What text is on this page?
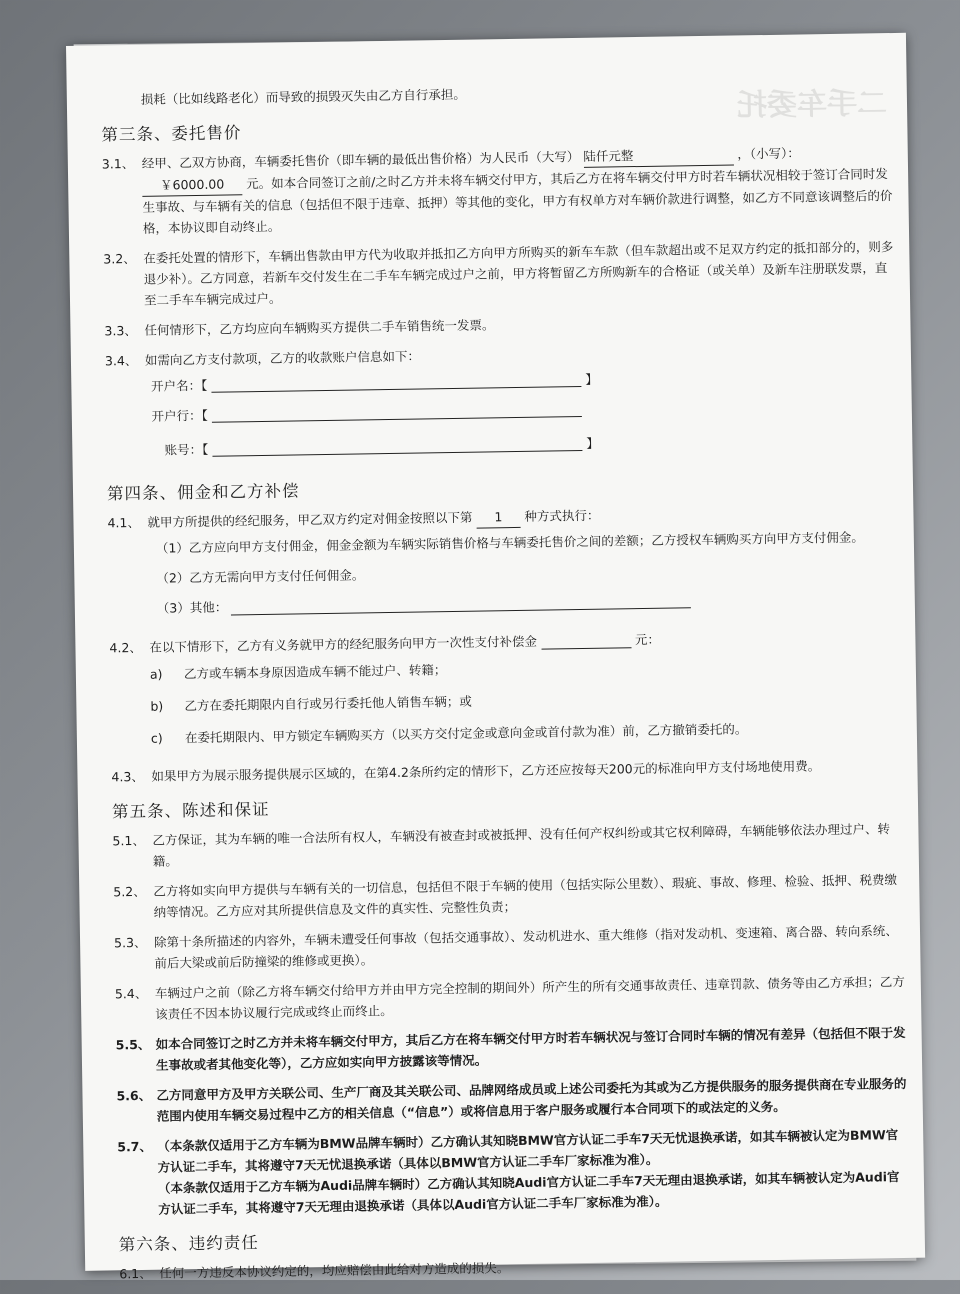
二手车委托
损耗（比如线路老化）而导致的损毁灭失由乙方自行承担。
第三条、委托售价
3.1、 经甲、乙双方协商，车辆委托售价（即车辆的最低出售价格）为人民币（大写） 陆仟元整	，（小写）： ￥6000.00 元。如本合同签订之前/之时乙方并未将车辆交付甲方，其后乙方在将车辆交付甲方时若车辆状况相较于签订合同时发生事故、与车辆有关的信息（包括但不限于违章、抵押）等其他的变化，甲方有权单方对车辆价款进行调整，如乙方不同意该调整后的价格，本协议即自动终止。
3.2、 在委托处置的情形下，车辆出售款由甲方代为收取并抵扣乙方向甲方所购买的新车车款（但车款超出或不足双方约定的抵扣部分的，则多退少补）。乙方同意，若新车交付发生在二手车车辆完成过户之前，甲方将暂留乙方所购新车的合格证（或关单）及新车注册联发票，直至二手车车辆完成过户。
3.3、 任何情形下，乙方均应向车辆购买方提供二手车销售统一发票。
3.4、 如需向乙方支付款项，乙方的收款账户信息如下：
开户名：【	】
开户行：【
账号：【	】
第四条、佣金和乙方补偿
4.1、 就甲方所提供的经纪服务，甲乙双方约定对佣金按照以下第 1 种方式执行：
（1）乙方应向甲方支付佣金，佣金金额为车辆实际销售价格与车辆委托售价之间的差额；乙方授权车辆购买方向甲方支付佣金。
（2）乙方无需向甲方支付任何佣金。
（3）其他：
4.2、 在以下情形下，乙方有义务就甲方的经纪服务向甲方一次性支付补偿金	元：
a)	乙方或车辆本身原因造成车辆不能过户、转籍；
b)	乙方在委托期限内自行或另行委托他人销售车辆；或
c)	在委托期限内、甲方锁定车辆购买方（以买方交付定金或意向金或首付款为准）前，乙方撤销委托的。
4.3、 如果甲方为展示服务提供展示区域的，在第4.2条所约定的情形下，乙方还应按每天200元的标准向甲方支付场地使用费。
第五条、陈述和保证
5.1、 乙方保证，其为车辆的唯一合法所有权人，车辆没有被查封或被抵押、没有任何产权纠纷或其它权利障碍，车辆能够依法办理过户、转籍。
5.2、 乙方将如实向甲方提供与车辆有关的一切信息，包括但不限于车辆的使用（包括实际公里数）、瑕疵、事故、修理、检验、抵押、税费缴纳等情况。乙方应对其所提供信息及文件的真实性、完整性负责；
5.3、 除第十条所描述的内容外，车辆未遭受任何事故（包括交通事故）、发动机进水、重大维修（指对发动机、变速箱、离合器、转向系统、前后大梁或前后防撞梁的维修或更换）。
5.4、 车辆过户之前（除乙方将车辆交付给甲方并由甲方完全控制的期间外）所产生的所有交通事故责任、违章罚款、债务等由乙方承担；乙方该责任不因本协议履行完成或终止而终止。
5.5、 如本合同签订之时乙方并未将车辆交付甲方，其后乙方在将车辆交付甲方时若车辆状况与签订合同时车辆的情况有差异（包括但不限于发生事故或者其他变化等），乙方应如实向甲方披露该等情况。
5.6、 乙方同意甲方及甲方关联公司、生产厂商及其关联公司、品牌网络成员或上述公司委托为其或为乙方提供服务的服务提供商在专业服务的范围内使用车辆交易过程中乙方的相关信息（“信息”）或将信息用于客户服务或履行本合同项下的或法定的义务。
5.7、 （本条款仅适用于乙方车辆为BMW品牌车辆时）乙方确认其知晓BMW官方认证二手车7天无忧退换承诺，如其车辆被认定为BMW官方认证二手车，其将遵守7天无忧退换承诺（具体以BMW官方认证二手车厂家标准为准）。
（本条款仅适用于乙方车辆为Audi品牌车辆时）乙方确认其知晓Audi官方认证二手车7天无理由退换承诺，如其车辆被认定为Audi官方认证二手车，其将遵守7天无理由退换承诺（具体以Audi官方认证二手车厂家标准为准）。
第六条、违约责任
6.1、 任何一方违反本协议约定的，均应赔偿由此给对方造成的损失。
